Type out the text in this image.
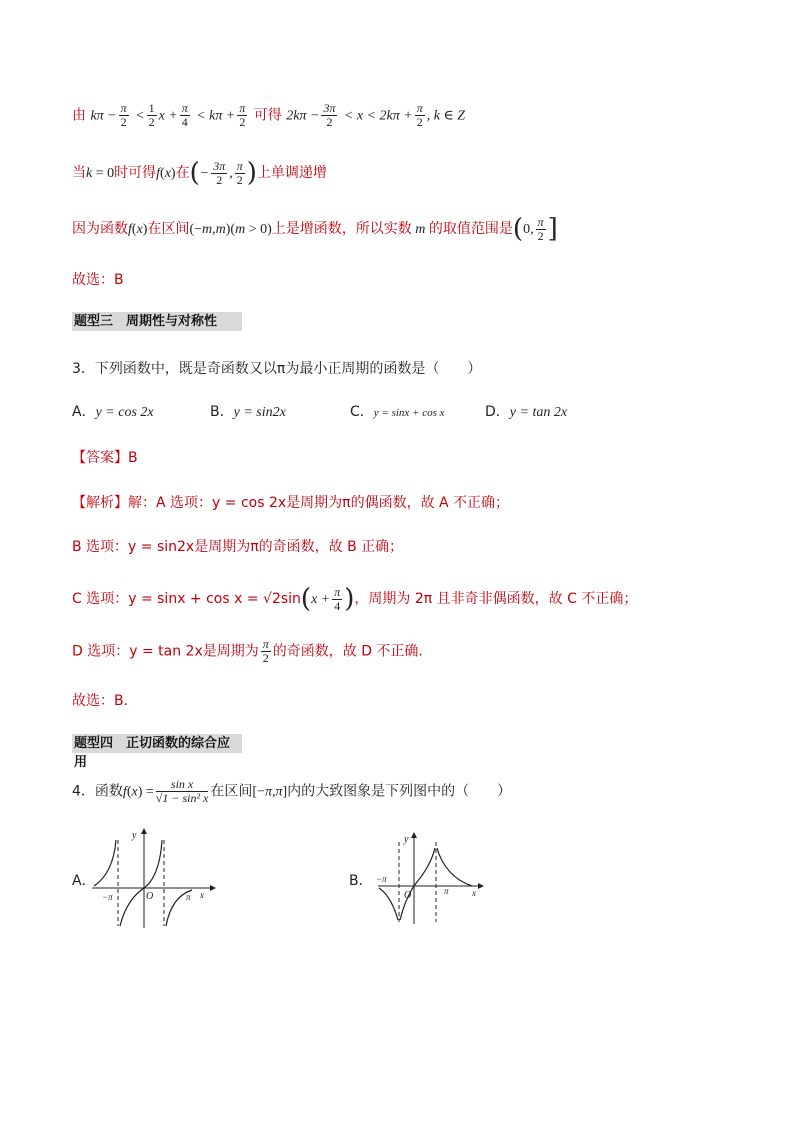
由 $k\pi - \frac{\pi}{2} < \frac{1}{2}$ $x + \frac{\pi}{4} < k\pi + \frac{\pi}{2}$ 可得 $2k\pi - \frac{3\pi}{2} < x < 2k\pi + \frac{\pi}{2}$ , k ∈ Z
当k = 0时可得f(x)在(− $\frac{3\pi}{2}$ , $\frac{\pi}{2}$ )上单调递增
因为函数f(x)在区间(−m,m)(m > 0)上是增函数，所以实数 m 的取值范围是(0, $\frac{\pi}{2}$ ]
故选：B
题型三　周期性与对称性
3．下列函数中，既是奇函数又以π为最小正周期的函数是（　　）
A．y = cos 2x	B．y = sin2x	C．y = sinx + cos x	D．y = tan 2x
【答案】B
【解析】解：A 选项：y = cos 2x是周期为π的偶函数，故 A 不正确；
B 选项：y = sin2x是周期为π的奇函数，故 B 正确；
C 选项：$y = \sin x + \cos x = √2\sin(x + \frac{\pi}{4}$ )，周期为 2π 且非奇非偶函数，故 C 不正确；
D 选项：y = tan 2x是周期为 $\frac{\pi}{2}$ 的奇函数，故 D 不正确.
故选：B.
题型四　正切函数的综合应用
4．函数$f(x) = \frac{\text{sin x}}{\text{√1 − sin² x}}$ 在区间[−π,π]内的大致图象是下列图中的（　　）
A．
y
−π	O	π x
B．
y
−π
O	π	x
